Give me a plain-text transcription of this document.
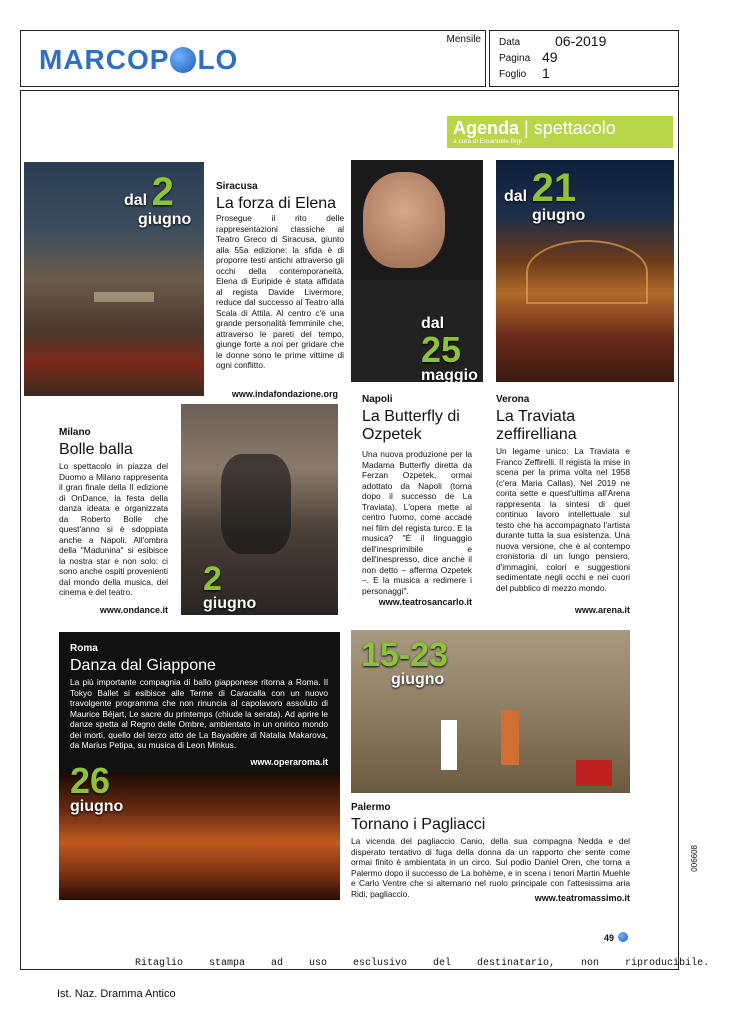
MARCOP LO
Mensile Data 06-2019
Pagina 49
Foglio 1
Agenda | spettacolo
a cura di Emanuele Bigi
dal 2
giugno
Siracusa
La forza di Elena
Prosegue il rito delle rappresentazioni classiche al Teatro Greco di Siracusa, giunto alla 55a edizione: la sfida è di proporre testi antichi attraverso gli occhi della contemporaneità. Elena di Euripide è stata affidata al regista Davide Livermore, reduce dal successo al Teatro alla Scala di Attila. Al centro c'è una grande personalità femminile che, attraverso le pareti del tempo, giunge forte a noi per gridare che le donne sono le prime vittime di ogni conflitto.
www.indafondazione.org
dal
25
maggio
dal 21
giugno
Milano
Bolle balla
Lo spettacolo in piazza del Duomo a Milano rappresenta il gran finale della II edizione di OnDance, la festa della danza ideata e organizzata da Roberto Bolle che quest'anno si è sdoppiata anche a Napoli. All'ombra della "Madunina" si esibisce la nostra star e non solo: ci sono anche ospiti provenienti dal mondo della musica, del cinema e del teatro.
www.ondance.it
2
giugno
Napoli
La Butterfly di Ozpetek
Una nuova produzione per la Madama Butterfly diretta da Ferzan Ozpetek, ormai adottato da Napoli (torna dopo il successo de La Traviata). L'opera mette al centro l'uomo, come accade nei film del regista turco. E la musica? "È il linguaggio dell'inesprimibile e dell'inespresso, dice anche il non detto – afferma Ozpetek –. E la musica a redimere i personaggi".
www.teatrosancarlo.it
Verona
La Traviata zeffirelliana
Un legame unico: La Traviata e Franco Zeffirelli. Il regista la mise in scena per la prima volta nel 1958 (c'era Maria Callas). Nel 2019 ne conta sette e quest'ultima all'Arena rappresenta la sintesi di quel continuo lavoro intellettuale sul testo che ha accompagnato l'artista durante tutta la sua esistenza. Una nuova versione, che è al contempo cronistoria di un lungo pensiero, d'immagini, colori e suggestioni sedimentate negli occhi e nei cuori del pubblico di mezzo mondo.
www.arena.it
Roma
Danza dal Giappone
La più importante compagnia di ballo giapponese ritorna a Roma. Il Tokyo Ballet si esibisce alle Terme di Caracalla con un nuovo travolgente programma che non rinuncia al capolavoro assoluto di Maurice Béjart, Le sacre du printemps (chiude la serata). Ad aprire le danze spetta al Regno delle Ombre, ambientato in un onirico mondo dei morti, quello del terzo atto de La Bayadère di Natalia Makarova, da Marius Petipa, su musica di Leon Minkus.
www.operaroma.it
26
giugno
15-23
giugno
Palermo
Tornano i Pagliacci
La vicenda del pagliaccio Canio, della sua compagna Nedda e del disperato tentativo di fuga della donna da un rapporto che sente come ormai finito è ambientata in un circo. Sul podio Daniel Oren, che torna a Palermo dopo il successo de La bohème, e in scena i tenori Martin Muehle e Carlo Ventre che si alternano nel ruolo principale con l'attesissima aria Ridi, pagliaccio.	www.teatromassimo.it
49
006608
Ritaglio stampa ad uso esclusivo del destinatario, non riproducibile.
Ist. Naz. Dramma Antico
